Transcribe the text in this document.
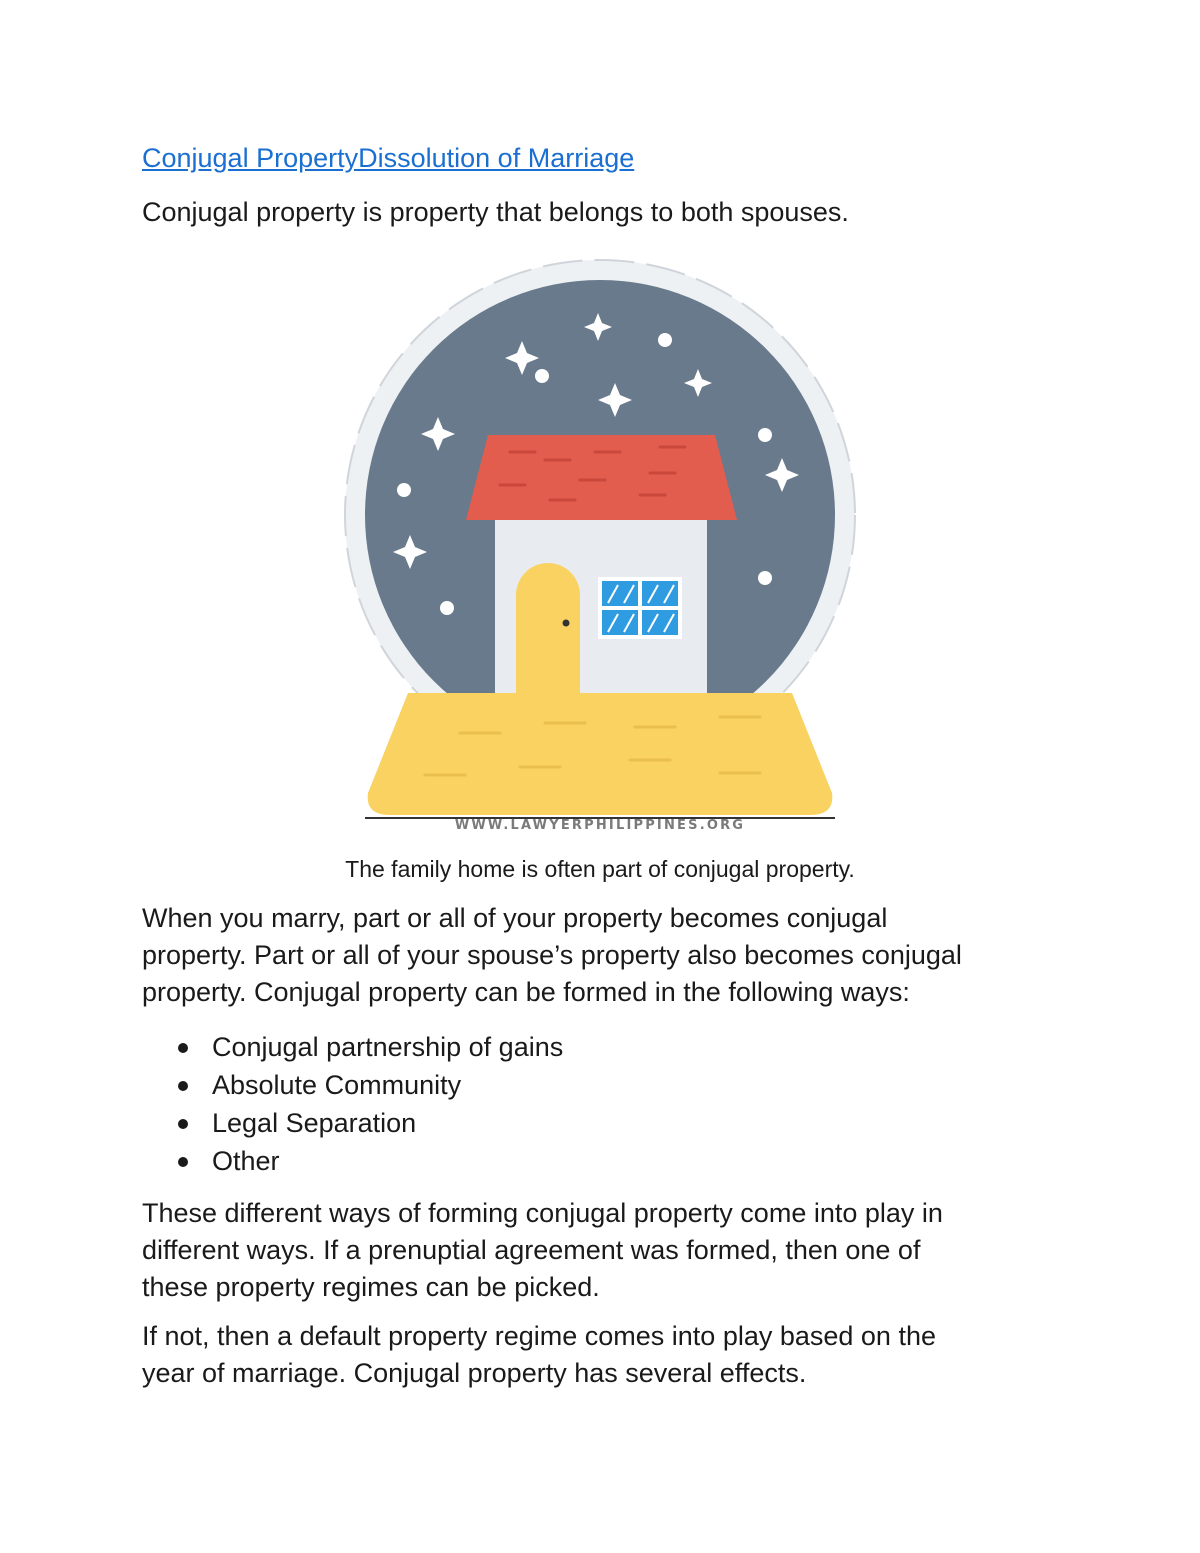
Conjugal PropertyDissolution of Marriage

Conjugal property is property that belongs to both spouses.

WWW.LAWYERPHILIPPINES.ORG
The family home is often part of conjugal property.

When you marry, part or all of your property becomes conjugal
property. Part or all of your spouse’s property also becomes conjugal
property. Conjugal property can be formed in the following ways:

Conjugal partnership of gains
Absolute Community
Legal Separation
Other

These different ways of forming conjugal property come into play in
different ways. If a prenuptial agreement was formed, then one of
these property regimes can be picked.

If not, then a default property regime comes into play based on the
year of marriage. Conjugal property has several effects.
